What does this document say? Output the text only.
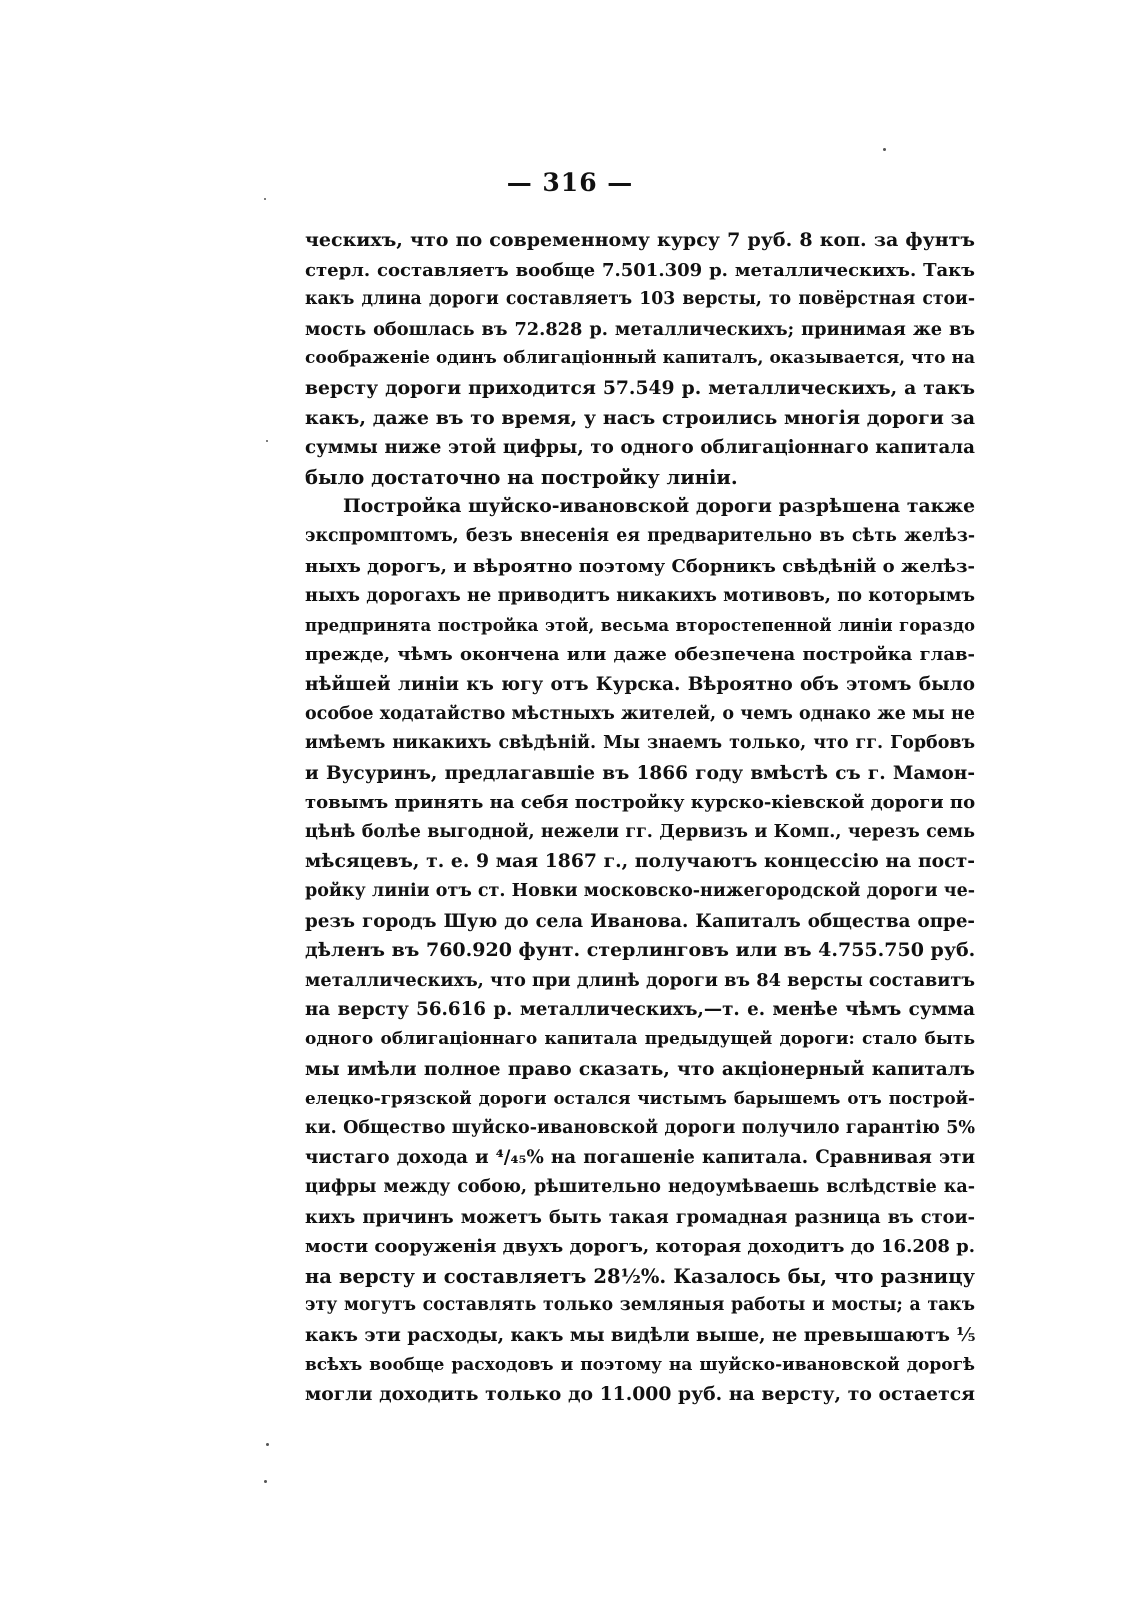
— 316 —
ческихъ, что по современному курсу 7 руб. 8 коп. за фунтъ
стерл. составляетъ вообще 7.501.309 р. металлическихъ. Такъ
какъ длина дороги составляетъ 103 версты, то повёрстная стои-
мость обошлась въ 72.828 р. металлическихъ; принимая же въ
соображеніе одинъ облигаціонный капиталъ, оказывается, что на
версту дороги приходится 57.549 р. металлическихъ, а такъ
какъ, даже въ то время, у насъ строились многія дороги за
суммы ниже этой цифры, то одного облигаціоннаго капитала
было достаточно на постройку линіи.
Постройка шуйско-ивановской дороги разрѣшена также
экспромптомъ, безъ внесенія ея предварительно въ сѣть желѣз-
ныхъ дорогъ, и вѣроятно поэтому Сборникъ свѣдѣній о желѣз-
ныхъ дорогахъ не приводитъ никакихъ мотивовъ, по которымъ
предпринята постройка этой, весьма второстепенной линіи гораздо
прежде, чѣмъ окончена или даже обезпечена постройка глав-
нѣйшей линіи къ югу отъ Курска. Вѣроятно объ этомъ было
особое ходатайство мѣстныхъ жителей, о чемъ однако же мы не
имѣемъ никакихъ свѣдѣній. Мы знаемъ только, что гг. Горбовъ
и Вусуринъ, предлагавшіе въ 1866 году вмѣстѣ съ г. Мамон-
товымъ принять на себя постройку курско-кіевской дороги по
цѣнѣ болѣе выгодной, нежели гг. Дервизъ и Комп., черезъ семь
мѣсяцевъ, т. е. 9 мая 1867 г., получаютъ концессію на пост-
ройку линіи отъ ст. Новки московско-нижегородской дороги че-
резъ городъ Шую до села Иванова. Капиталъ общества опре-
дѣленъ въ 760.920 фунт. стерлинговъ или въ 4.755.750 руб.
металлическихъ, что при длинѣ дороги въ 84 версты составитъ
на версту 56.616 р. металлическихъ,—т. е. менѣе чѣмъ сумма
одного облигаціоннаго капитала предыдущей дороги: стало быть
мы имѣли полное право сказать, что акціонерный капиталъ
елецко-грязской дороги остался чистымъ барышемъ отъ построй-
ки. Общество шуйско-ивановской дороги получило гарантію 5%
чистаго дохода и ⁴/₄₅% на погашеніе капитала. Сравнивая эти
цифры между собою, рѣшительно недоумѣваешь вслѣдствіе ка-
кихъ причинъ можетъ быть такая громадная разница въ стои-
мости сооруженія двухъ дорогъ, которая доходитъ до 16.208 р.
на версту и составляетъ 28½%. Казалось бы, что разницу
эту могутъ составлять только земляныя работы и мосты; а такъ
какъ эти расходы, какъ мы видѣли выше, не превышаютъ ⅕
всѣхъ вообще расходовъ и поэтому на шуйско-ивановской дорогѣ
могли доходить только до 11.000 руб. на версту, то остается
